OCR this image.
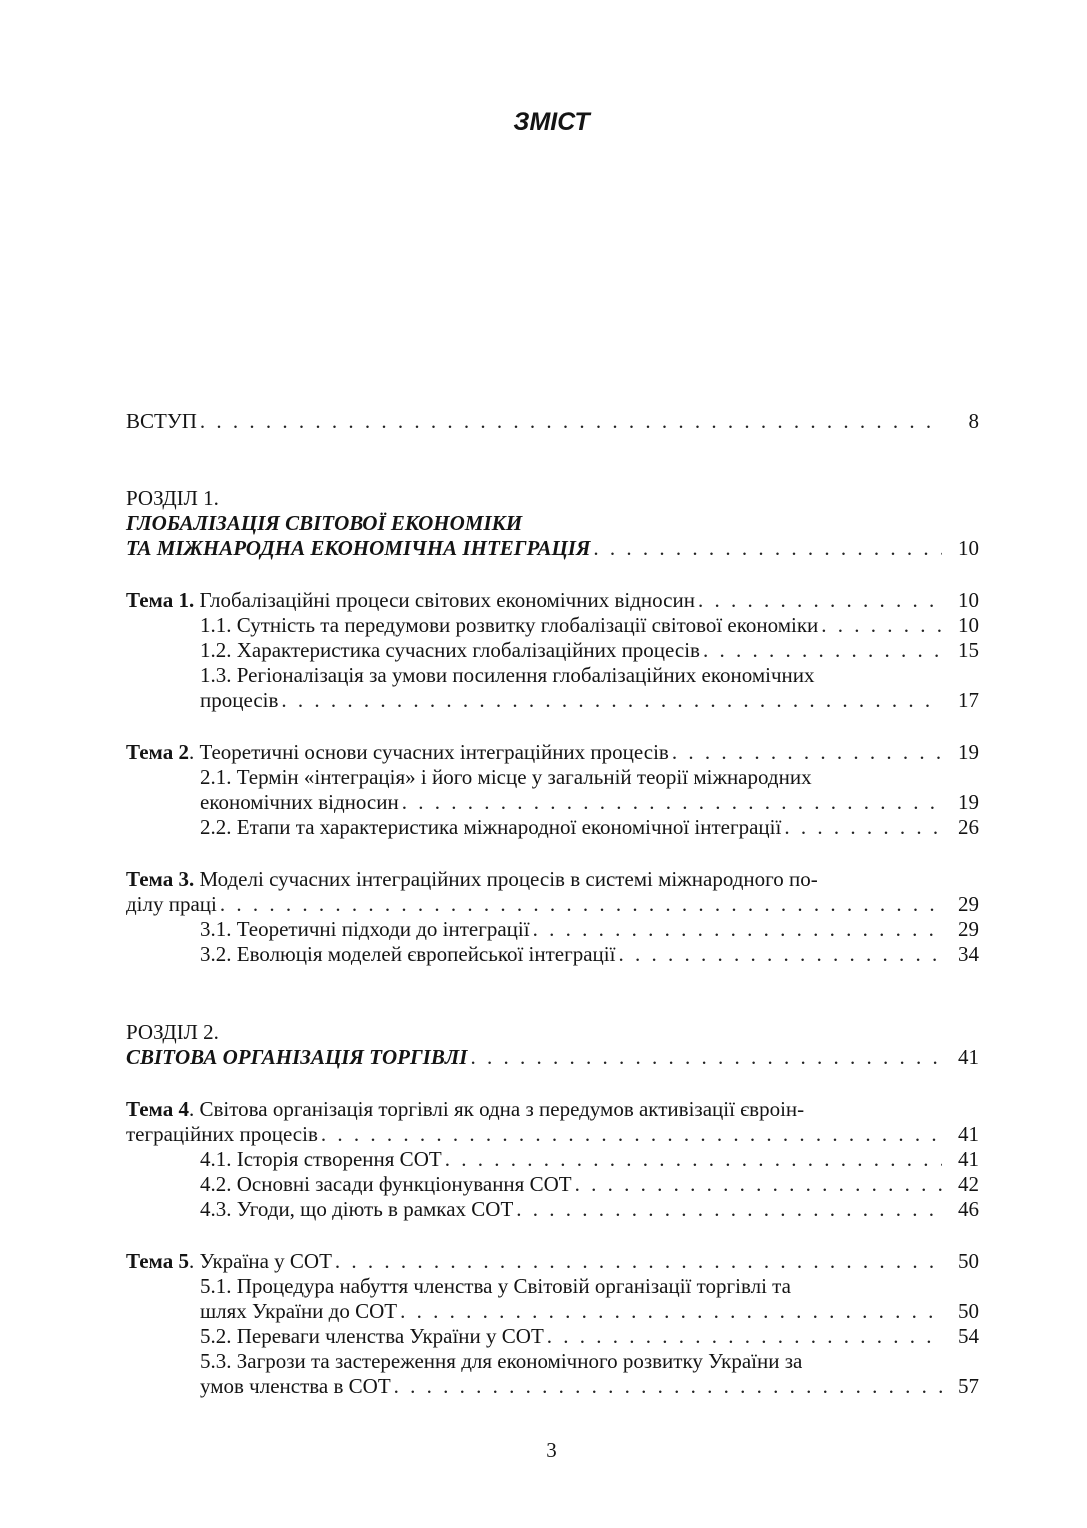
ЗМІСТ
ВСТУП . . .	8
РОЗДІЛ 1.
ГЛОБАЛІЗАЦІЯ СВІТОВОЇ ЕКОНОМІКИ
ТА МІЖНАРОДНА ЕКОНОМІЧНА ІНТЕГРАЦІЯ . . .	10
Тема 1. Глобалізаційні процеси світових економічних відносин . . .	10
1.1. Сутність та передумови розвитку глобалізації світової економіки . . .	10
1.2. Характеристика сучасних глобалізаційних процесів . . .	15
1.3. Регіоналізація за умови посилення глобалізаційних економічних
процесів . . .	17
Тема 2. Теоретичні основи сучасних інтеграційних процесів . . .	19
2.1. Термін «інтеграція» і його місце у загальній теорії міжнародних
економічних відносин . . .	19
2.2. Етапи та характеристика міжнародної економічної інтеграції . . .	26
Тема 3. Моделі сучасних інтеграційних процесів в системі міжнародного по-
ділу праці . . .	29
3.1. Теоретичні підходи до інтеграції . . .	29
3.2. Еволюція моделей європейської інтеграції . . .	34
РОЗДІЛ 2.
СВІТОВА ОРГАНІЗАЦІЯ ТОРГІВЛІ . . .	41
Тема 4. Світова організація торгівлі як одна з передумов активізації євроін-
теграційних процесів . . .	41
4.1. Історія створення СОТ . . .	41
4.2. Основні засади функціонування СОТ . . .	42
4.3. Угоди, що діють в рамках СОТ . . .	46
Тема 5. Україна у СОТ . . .	50
5.1. Процедура набуття членства у Світовій організації торгівлі та
шлях України до СОТ . . .	50
5.2. Переваги членства України у СОТ . . .	54
5.3. Загрози та застереження для економічного розвитку України за
умов членства в СОТ . . .	57
3
